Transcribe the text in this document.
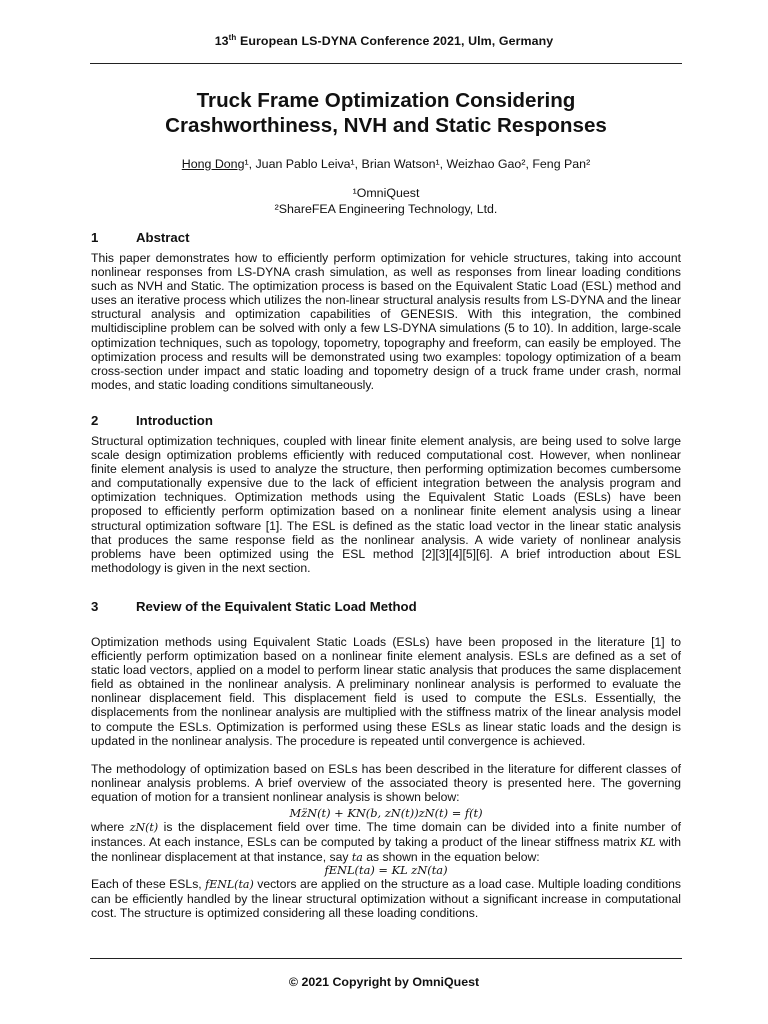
13th European LS-DYNA Conference 2021, Ulm, Germany
Truck Frame Optimization Considering
Crashworthiness, NVH and Static Responses
Hong Dong¹, Juan Pablo Leiva¹, Brian Watson¹, Weizhao Gao², Feng Pan²
¹OmniQuest
²ShareFEA Engineering Technology, Ltd.
1	Abstract

This paper demonstrates how to efficiently perform optimization for vehicle structures, taking into account nonlinear responses from LS-DYNA crash simulation, as well as responses from linear loading conditions such as NVH and Static. The optimization process is based on the Equivalent Static Load (ESL) method and uses an iterative process which utilizes the non-linear structural analysis results from LS-DYNA and the linear structural analysis and optimization capabilities of GENESIS. With this integration, the combined multidiscipline problem can be solved with only a few LS-DYNA simulations (5 to 10). In addition, large-scale optimization techniques, such as topology, topometry, topography and freeform, can easily be employed. The optimization process and results will be demonstrated using two examples: topology optimization of a beam cross-section under impact and static loading and topometry design of a truck frame under crash, normal modes, and static loading conditions simultaneously.

2	Introduction

Structural optimization techniques, coupled with linear finite element analysis, are being used to solve large scale design optimization problems efficiently with reduced computational cost. However, when nonlinear finite element analysis is used to analyze the structure, then performing optimization becomes cumbersome and computationally expensive due to the lack of efficient integration between the analysis program and optimization techniques. Optimization methods using the Equivalent Static Loads (ESLs) have been proposed to efficiently perform optimization based on a nonlinear finite element analysis using a linear structural optimization software [1]. The ESL is defined as the static load vector in the linear static analysis that produces the same response field as the nonlinear analysis. A wide variety of nonlinear analysis problems have been optimized using the ESL method [2][3][4][5][6]. A brief introduction about ESL methodology is given in the next section.

3	Review of the Equivalent Static Load Method

Optimization methods using Equivalent Static Loads (ESLs) have been proposed in the literature [1] to efficiently perform optimization based on a nonlinear finite element analysis. ESLs are defined as a set of static load vectors, applied on a model to perform linear static analysis that produces the same displacement field as obtained in the nonlinear analysis. A preliminary nonlinear analysis is performed to evaluate the nonlinear displacement field. This displacement field is used to compute the ESLs. Essentially, the displacements from the nonlinear analysis are multiplied with the stiffness matrix of the linear analysis model to compute the ESLs. Optimization is performed using these ESLs as linear static loads and the design is updated in the nonlinear analysis. The procedure is repeated until convergence is achieved.

The methodology of optimization based on ESLs has been described in the literature for different classes of nonlinear analysis problems. A brief overview of the associated theory is presented here. The governing equation of motion for a transient nonlinear analysis is shown below:

Mz̈N(t) + KN(b, zN(t))zN(t) = f(t)

where zN(t) is the displacement field over time. The time domain can be divided into a finite number of instances. At each instance, ESLs can be computed by taking a product of the linear stiffness matrix KL with the nonlinear displacement at that instance, say ta as shown in the equation below:

fENL(ta) = KL zN(ta)

Each of these ESLs, fENL(ta) vectors are applied on the structure as a load case. Multiple loading conditions can be efficiently handled by the linear structural optimization without a significant increase in computational cost. The structure is optimized considering all these loading conditions.

© 2021 Copyright by OmniQuest
